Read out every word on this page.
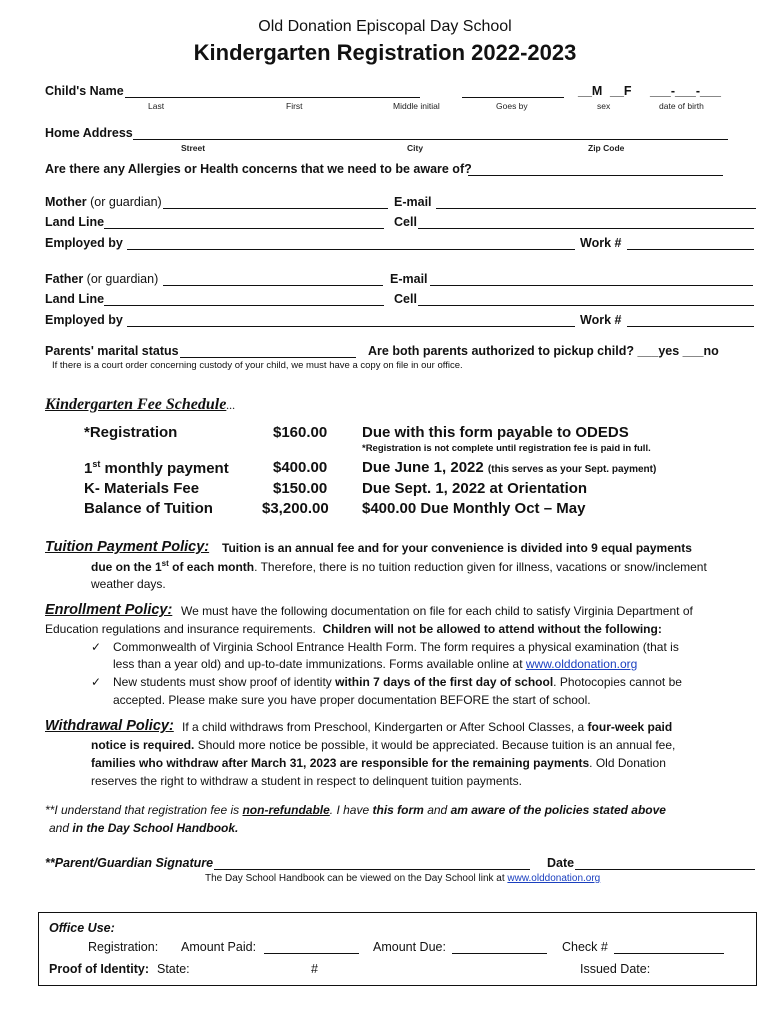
Old Donation Episcopal Day School
Kindergarten Registration 2022-2023
Child's Name	__M __F ___-___-___
Last	First	Middle initial	Goes by	sex	date of birth
Home Address
Street	City	Zip Code
Are there any Allergies or Health concerns that we need to be aware of?
Mother (or guardian)	E-mail
Land Line	Cell
Employed by	Work #
Father (or guardian)	E-mail
Land Line	Cell
Employed by	Work #
Parents' marital status	Are both parents authorized to pickup child? ___yes ___no
If there is a court order concerning custody of your child, we must have a copy on file in our office.
Kindergarten Fee Schedule...
*Registration	$160.00 Due with this form payable to ODEDS
*Registration is not complete until registration fee is paid in full.
1st monthly payment	$400.00 Due June 1, 2022 (this serves as your Sept. payment)
K- Materials Fee	$150.00 Due Sept. 1, 2022 at Orientation
Balance of Tuition	$3,200.00 $400.00 Due Monthly Oct – May
Tuition Payment Policy: Tuition is an annual fee and for your convenience is divided into 9 equal payments
due on the 1st of each month. Therefore, there is no tuition reduction given for illness, vacations or snow/inclement
weather days.
Enrollment Policy: We must have the following documentation on file for each child to satisfy Virginia Department of
Education regulations and insurance requirements. Children will not be allowed to attend without the following:
✓ Commonwealth of Virginia School Entrance Health Form. The form requires a physical examination (that is
less than a year old) and up-to-date immunizations. Forms available online at www.olddonation.org
✓ New students must show proof of identity within 7 days of the first day of school. Photocopies cannot be
accepted. Please make sure you have proper documentation BEFORE the start of school.
Withdrawal Policy: If a child withdraws from Preschool, Kindergarten or After School Classes, a four-week paid
notice is required. Should more notice be possible, it would be appreciated. Because tuition is an annual fee,
families who withdraw after March 31, 2023 are responsible for the remaining payments. Old Donation
reserves the right to withdraw a student in respect to delinquent tuition payments.
**I understand that registration fee is non-refundable. I have this form and am aware of the policies stated above
and in the Day School Handbook.
**Parent/Guardian Signature	Date
The Day School Handbook can be viewed on the Day School link at www.olddonation.org
Office Use:
Registration: Amount Paid:	Amount Due:	Check #
Proof of Identity: State:	#	Issued Date:
